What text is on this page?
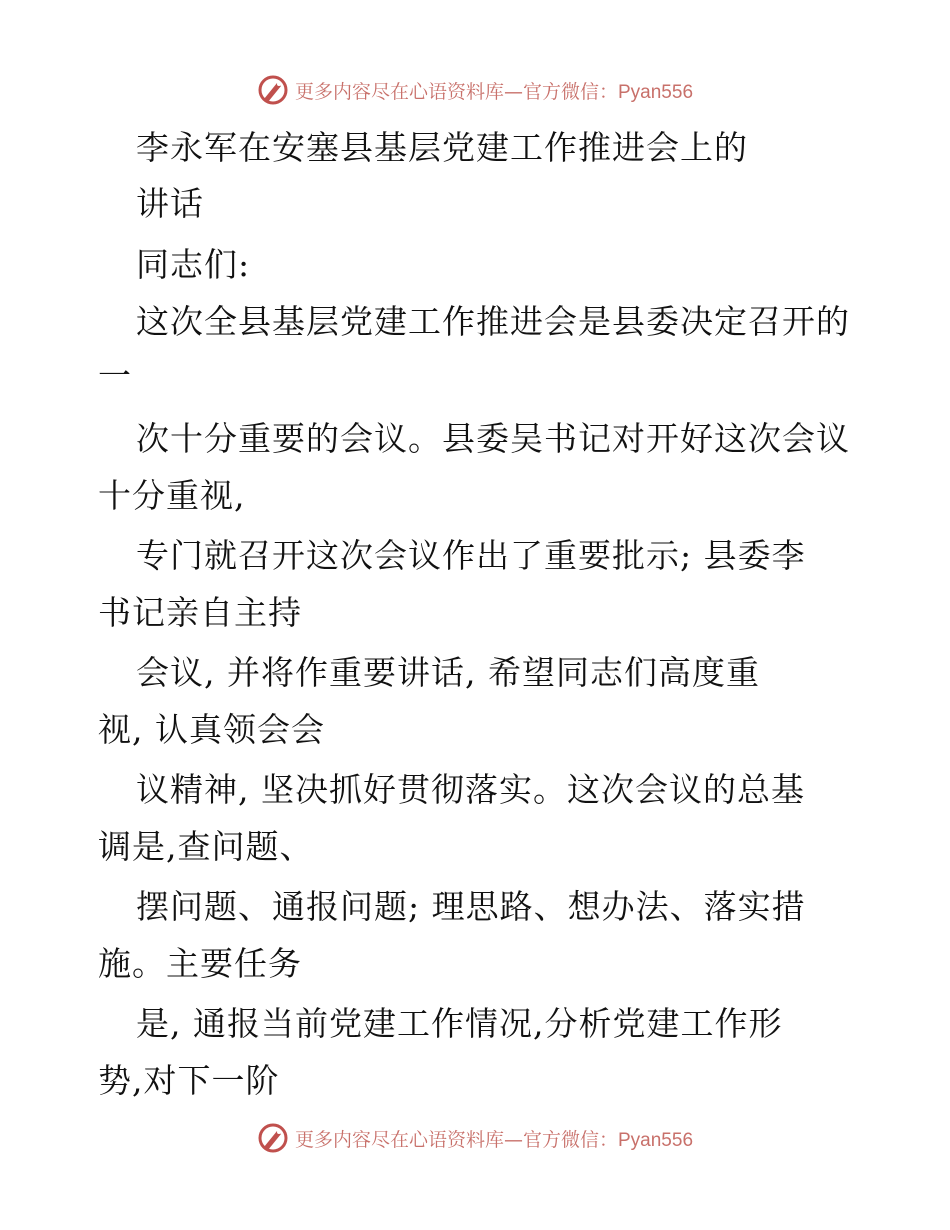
更多内容尽在心语资料库—官方微信：Pyan556
李永军在安塞县基层党建工作推进会上的
讲话
同志们:
这次全县基层党建工作推进会是县委决定召开的
一
次十分重要的会议。县委吴书记对开好这次会议
十分重视,
专门就召开这次会议作出了重要批示; 县委李
书记亲自主持
会议, 并将作重要讲话, 希望同志们高度重
视, 认真领会会
议精神, 坚决抓好贯彻落实。这次会议的总基
调是,查问题、
摆问题、通报问题; 理思路、想办法、落实措
施。主要任务
是, 通报当前党建工作情况,分析党建工作形
势,对下一阶
更多内容尽在心语资料库—官方微信：Pyan556
